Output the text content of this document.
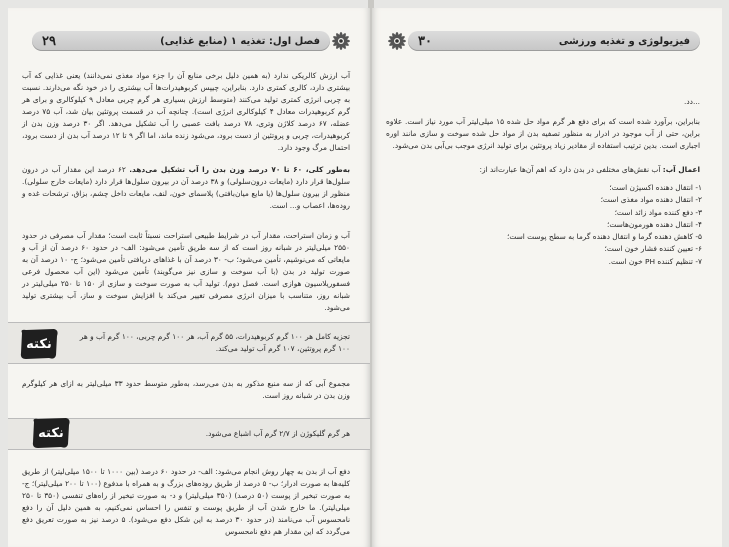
فصل اول: تغذیه ۱ (منابع غذایی)
۲۹
آب ارزش کالریکی ندارد (به همین دلیل برخی منابع آن را جزء مواد مغذی نمی‌دانند) یعنی غذایی که آب بیشتری دارد، کالری کمتری دارد. بنابراین، چیپس کربوهیدرات‌ها آب بیشتری را در خود نگه می‌دارند. نسبت به چربی انرژی کمتری تولید می‌کنند (متوسط ارزش بسیاری هر گرم چربی معادل ۹ کیلوکالری و برای هر گرم کربوهیدرات معادل ۴ کیلوکالری انرژی است). چنانچه آب در قسمت پروتئین بیان شد، آب ۷۵ درصد عضله، ۶۷ درصد کلاژن وتری، ۷۸ درصد بافت عصبی را آب تشکیل می‌دهد. اگر ۳۰ درصد وزن بدن از کربوهیدرات، چربی و پروتئین از دست برود، می‌شود زنده ماند، اما اگر ۹ تا ۱۲ درصد آب بدن از دست برود، احتمال مرگ وجود دارد.
به‌طور کلی، ۶۰ تا ۷۰ درصد وزن بدن را آب تشکیل می‌دهد. ۶۲ درصد این مقدار آب در درون سلول‌ها قرار دارد (مایعات درون‌سلولی) و ۳۸ درصد آن در بیرون سلول‌ها قرار دارد (مایعات خارج سلولی). منظور از بیرون سلول‌ها (یا مایع میان‌بافتی) پلاسمای خون، لنف، مایعات داخل چشم، بزاق، ترشحات غده و روده‌ها، اعصاب و... است.
آب و زمان استراحت، مقدار آب در شرایط طبیعی استراحت نسبتاً ثابت است؛ مقدار آب مصرفی در حدود ۲۵۵۰ میلی‌لیتر در شبانه روز است که از سه طریق تأمین می‌شود: الف- در حدود ۶۰ درصد آن از آب و مایعاتی که می‌نوشیم، تأمین می‌شود؛ ب- ۳۰ درصد آن با غذاهای دریافتی تأمین می‌شود؛ ج- ۱۰ درصد آن به صورت تولید در بدن (با آب سوخت و سازی نیز می‌گویند) تأمین می‌شود (این آب محصول فرعی فسفوریلاسیون هوازی است. فصل دوم). تولید آب به صورت سوخت و سازی از ۱۵۰ تا ۲۵۰ میلی‌لیتر در شبانه روز، متناسب با میزان انرژی مصرفی تغییر می‌کند با افزایش سوخت و ساز، آب بیشتری تولید می‌شود.
نکته
تجزیه کامل هر ۱۰۰ گرم کربوهیدرات، ۵۵ گرم آب، هر ۱۰۰ گرم چربی، ۱۰۰ گرم آب و هر ۱۰۰ گرم پروتئین، ۱۰۷ گرم آب تولید می‌کند.
مجموع آبی که از سه منبع مذکور به بدن می‌رسد، به‌طور متوسط حدود ۳۳ میلی‌لیتر به ازای هر کیلوگرم وزن بدن در شبانه روز است.
نکته	هر گرم گلیکوژن از ۲/۷ گرم آب اشباع می‌شود.
دفع آب از بدن به چهار روش انجام می‌شود: الف- در حدود ۶۰ درصد (بین ۱۰۰۰ تا ۱۵۰۰ میلی‌لیتر) از طریق کلیه‌ها به صورت ادرار؛ ب- ۵ درصد از طریق روده‌های بزرگ و به همراه با مدفوع (۱۰۰ تا ۲۰۰ میلی‌لیتر)؛ ج- به صورت تبخیر از پوست (۵۰ درصد) (۳۵۰ میلی‌لیتر) و د- به صورت تبخیر از راه‌های تنفسی (۳۵۰ تا ۲۵۰ میلی‌لیتر). ما خارج شدن آب از طریق پوست و تنفس را احساس نمی‌کنیم، به همین دلیل آن را دفع نامحسوس آب می‌نامند (در حدود ۳۰ درصد به این شکل دفع می‌شود). ۵ درصد نیز به صورت تعریق دفع می‌گردد که این مقدار هم دفع نامحسوس
فیزیولوژی و تغذیه ورزشی
۳۰
...دد.
بنابراین، برآورد شده است که برای دفع هر گرم مواد حل شده ۱۵ میلی‌لیتر آب مورد نیاز است. علاوه براین، حتی از آب موجود در ادرار به منظور تصفیه بدن از مواد حل شده سوخت و سازی مانند اوره اجباری است. بدین ترتیب استفاده از مقادیر زیاد پروتئین برای تولید انرژی موجب بی‌آبی بدن می‌شود.
اعمال آب: آب نقش‌های مختلفی در بدن دارد که اهم آن‌ها عبارت‌اند از:
۱- انتقال دهنده اکسیژن است؛
۲- انتقال دهنده مواد مغذی است؛
۳- دفع کننده مواد زائد است؛
۴- انتقال دهنده هورمون‌هاست؛
۵- کاهش دهنده گرما و انتقال دهنده گرما به سطح پوست است؛
۶- تعیین کننده فشار خون است؛
۷- تنظیم کننده PH خون است.
